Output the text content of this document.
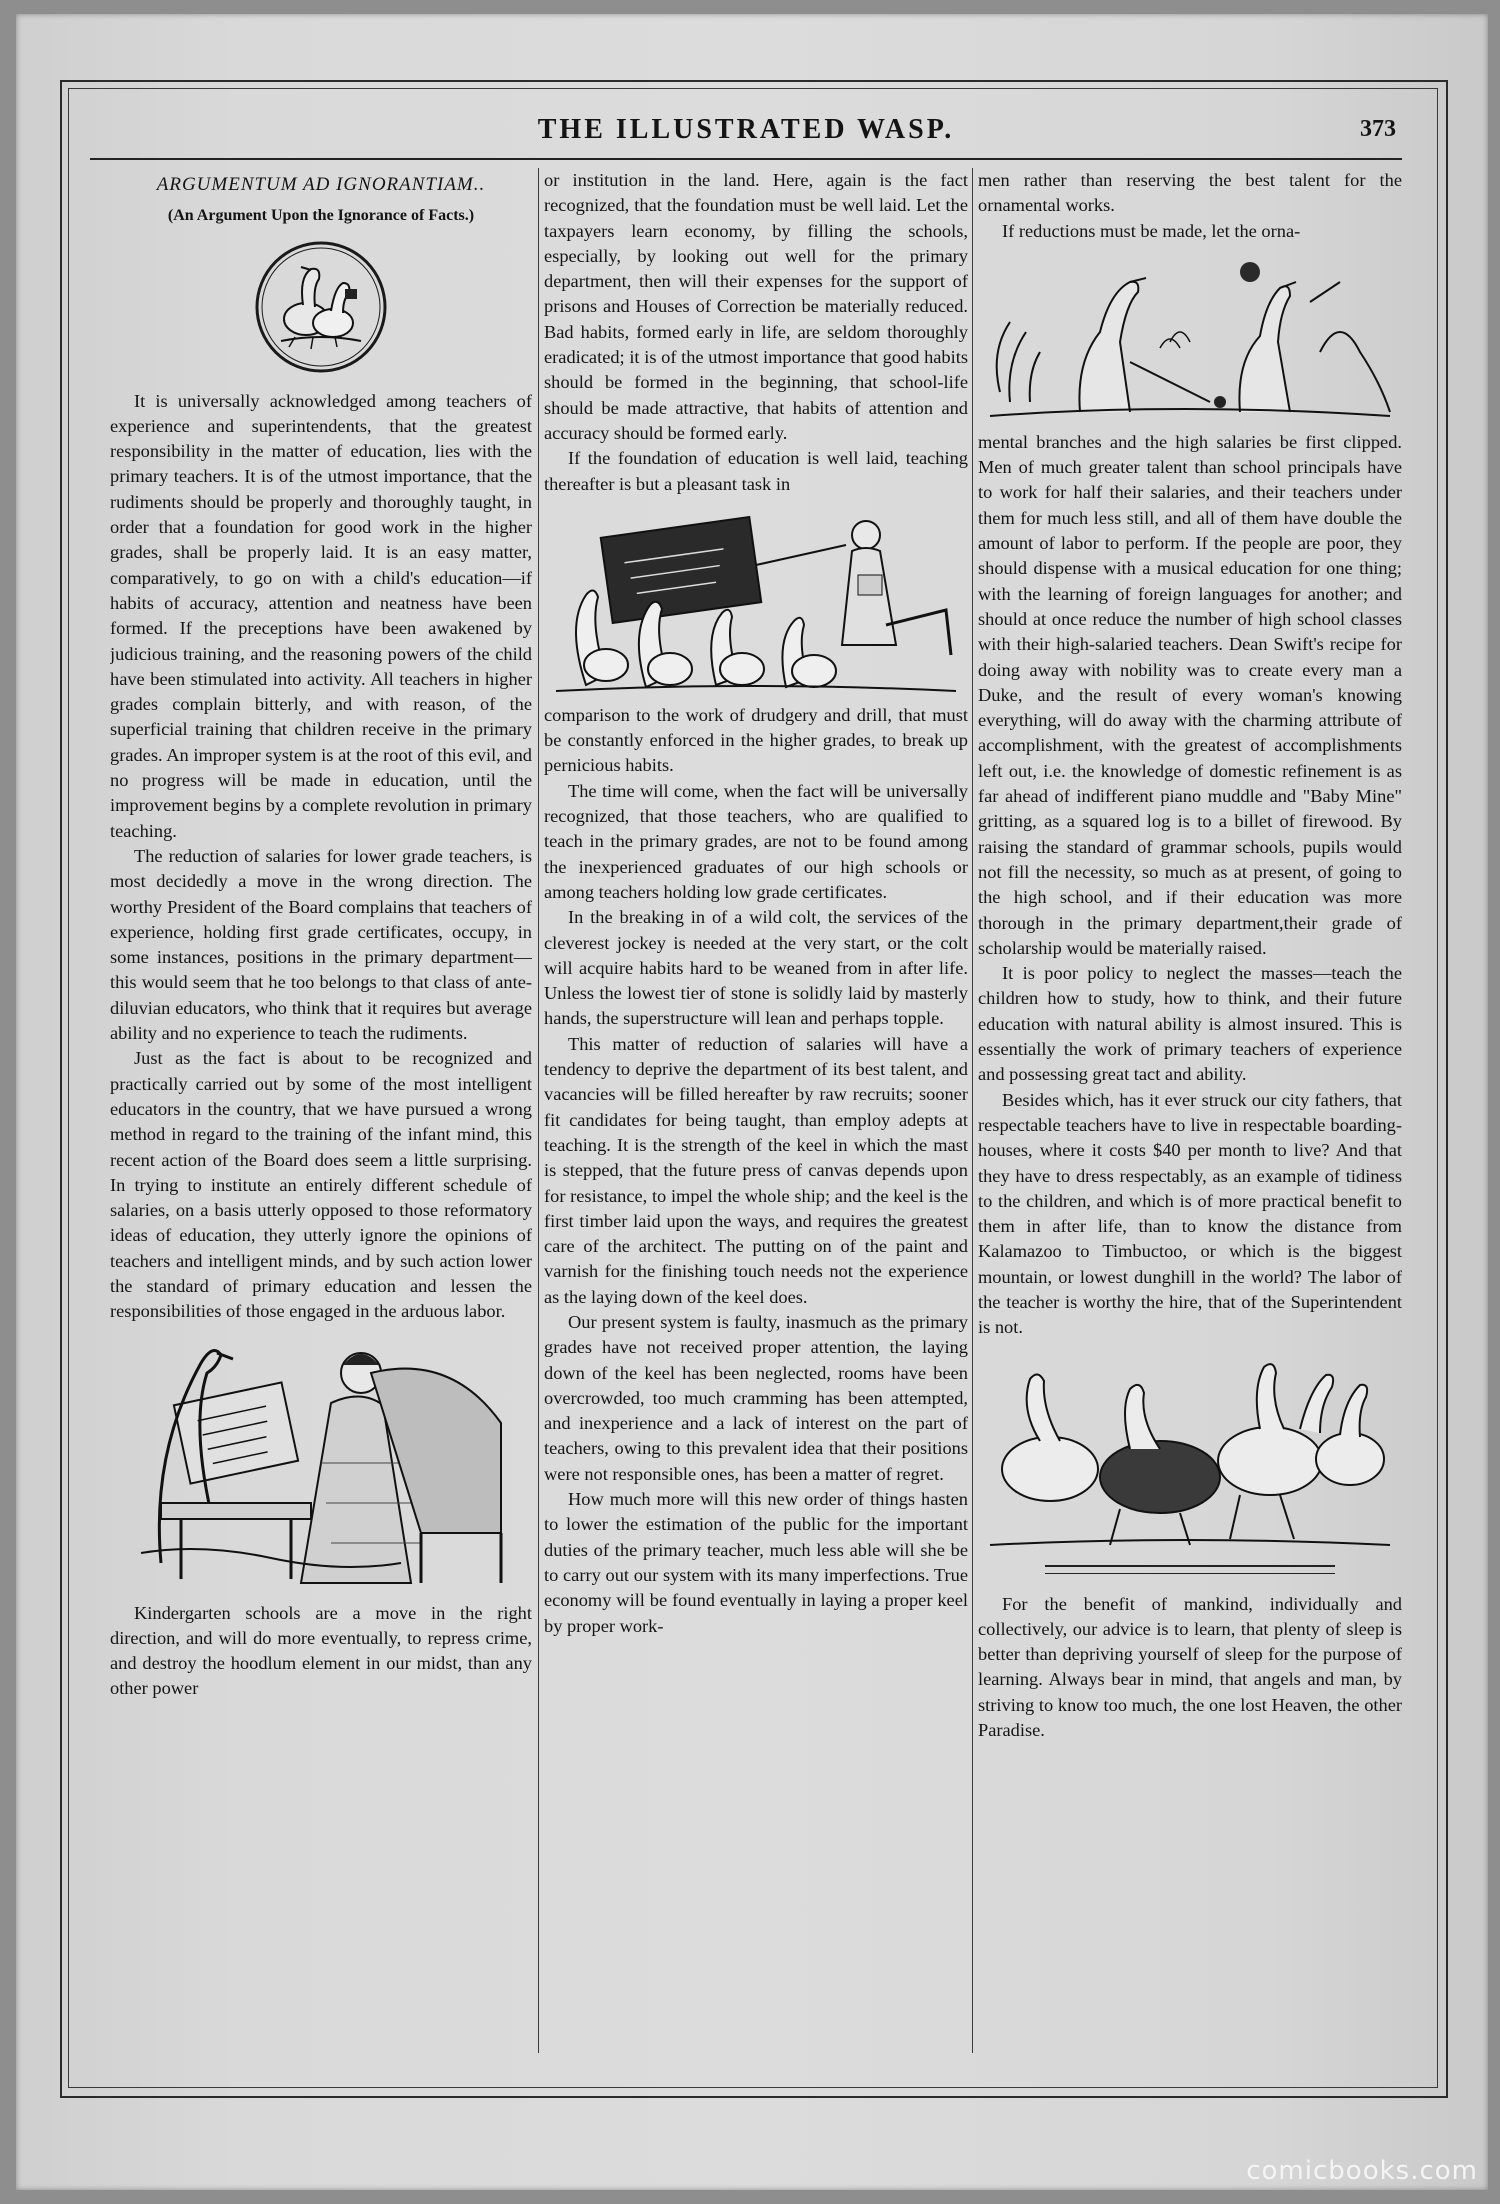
THE ILLUSTRATED WASP.	373
ARGUMENTUM AD IGNORANTIAM..
(An Argument Upon the Ignorance of Facts.)

It is universally acknowledged among teachers of experience and superintendents, that the greatest responsibility in the matter of education, lies with the primary teachers. It is of the utmost importance, that the rudiments should be properly and thoroughly taught, in order that a foundation for good work in the higher grades, shall be properly laid. It is an easy matter, comparatively, to go on with a child's education—if habits of accuracy, attention and neatness have been formed. If the preceptions have been awakened by judicious training, and the reasoning powers of the child have been stimulated into activity. All teachers in higher grades complain bitterly, and with reason, of the superficial training that children receive in the primary grades. An improper system is at the root of this evil, and no progress will be made in education, until the improvement begins by a complete revolution in primary teaching.

The reduction of salaries for lower grade teachers, is most decidedly a move in the wrong direction. The worthy President of the Board complains that teachers of experience, holding first grade certificates, occupy, in some instances, positions in the primary department—this would seem that he too belongs to that class of ante-diluvian educators, who think that it requires but average ability and no experience to teach the rudiments.

Just as the fact is about to be recognized and practically carried out by some of the most intelligent educators in the country, that we have pursued a wrong method in regard to the training of the infant mind, this recent action of the Board does seem a little surprising. In trying to institute an entirely different schedule of salaries, on a basis utterly opposed to those reformatory ideas of education, they utterly ignore the opinions of teachers and intelligent minds, and by such action lower the standard of primary education and lessen the responsibilities of those engaged in the arduous labor.

Kindergarten schools are a move in the right direction, and will do more eventually, to repress crime, and destroy the hoodlum element in our midst, than any other power

or institution in the land. Here, again is the fact recognized, that the foundation must be well laid. Let the taxpayers learn economy, by filling the schools, especially, by looking out well for the primary department, then will their expenses for the support of prisons and Houses of Correction be materially reduced. Bad habits, formed early in life, are seldom thoroughly eradicated; it is of the utmost importance that good habits should be formed in the beginning, that school-life should be made attractive, that habits of attention and accuracy should be formed early.

If the foundation of education is well laid, teaching thereafter is but a pleasant task in

comparison to the work of drudgery and drill, that must be constantly enforced in the higher grades, to break up pernicious habits.

The time will come, when the fact will be universally recognized, that those teachers, who are qualified to teach in the primary grades, are not to be found among the inexperienced graduates of our high schools or among teachers holding low grade certificates.

In the breaking in of a wild colt, the services of the cleverest jockey is needed at the very start, or the colt will acquire habits hard to be weaned from in after life. Unless the lowest tier of stone is solidly laid by masterly hands, the superstructure will lean and perhaps topple.

This matter of reduction of salaries will have a tendency to deprive the department of its best talent, and vacancies will be filled hereafter by raw recruits; sooner fit candidates for being taught, than employ adepts at teaching. It is the strength of the keel in which the mast is stepped, that the future press of canvas depends upon for resistance, to impel the whole ship; and the keel is the first timber laid upon the ways, and requires the greatest care of the architect. The putting on of the paint and varnish for the finishing touch needs not the experience as the laying down of the keel does.

Our present system is faulty, inasmuch as the primary grades have not received proper attention, the laying down of the keel has been neglected, rooms have been overcrowded, too much cramming has been attempted, and inexperience and a lack of interest on the part of teachers, owing to this prevalent idea that their positions were not responsible ones, has been a matter of regret.

How much more will this new order of things hasten to lower the estimation of the public for the important duties of the primary teacher, much less able will she be to carry out our system with its many imperfections. True economy will be found eventually in laying a proper keel by proper work-

men rather than reserving the best talent for the ornamental works.

If reductions must be made, let the orna-

mental branches and the high salaries be first clipped. Men of much greater talent than school principals have to work for half their salaries, and their teachers under them for much less still, and all of them have double the amount of labor to perform. If the people are poor, they should dispense with a musical education for one thing; with the learning of foreign languages for another; and should at once reduce the number of high school classes with their high-salaried teachers. Dean Swift's recipe for doing away with nobility was to create every man a Duke, and the result of every woman's knowing everything, will do away with the charming attribute of accomplishment, with the greatest of accomplishments left out, i.e. the knowledge of domestic refinement is as far ahead of indifferent piano muddle and "Baby Mine" gritting, as a squared log is to a billet of firewood. By raising the standard of grammar schools, pupils would not fill the necessity, so much as at present, of going to the high school, and if their education was more thorough in the primary department,their grade of scholarship would be materially raised.

It is poor policy to neglect the masses—teach the children how to study, how to think, and their future education with natural ability is almost insured. This is essentially the work of primary teachers of experience and possessing great tact and ability.

Besides which, has it ever struck our city fathers, that respectable teachers have to live in respectable boarding-houses, where it costs $40 per month to live? And that they have to dress respectably, as an example of tidiness to the children, and which is of more practical benefit to them in after life, than to know the distance from Kalamazoo to Timbuctoo, or which is the biggest mountain, or lowest dunghill in the world? The labor of the teacher is worthy the hire, that of the Superintendent is not.

For the benefit of mankind, individually and collectively, our advice is to learn, that plenty of sleep is better than depriving yourself of sleep for the purpose of learning. Always bear in mind, that angels and man, by striving to know too much, the one lost Heaven, the other Paradise.

comicbooks.com
